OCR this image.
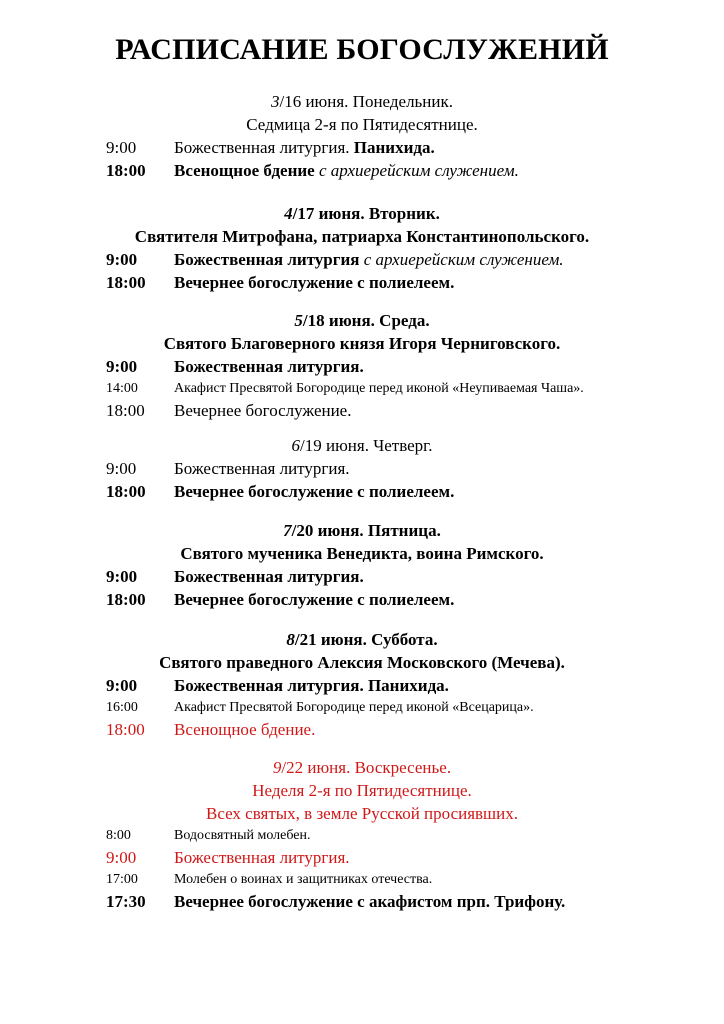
РАСПИСАНИЕ БОГОСЛУЖЕНИЙ
3/16 июня. Понедельник.
Седмица 2-я по Пятидесятнице.
9:00 Божественная литургия. Панихида.
18:00 Всенощное бдение с архиерейским служением.
4/17 июня. Вторник.
Святителя Митрофана, патриарха Константинопольского.
9:00 Божественная литургия с архиерейским служением.
18:00 Вечернее богослужение с полиелеем.
5/18 июня. Среда.
Святого Благоверного князя Игоря Черниговского.
9:00 Божественная литургия.
14:00	Акафист Пресвятой Богородице перед иконой «Неупиваемая Чаша».
18:00 Вечернее богослужение.
6/19 июня. Четверг.
9:00 Божественная литургия.
18:00 Вечернее богослужение с полиелеем.
7/20 июня. Пятница.
Святого мученика Венедикта, воина Римского.
9:00 Божественная литургия.
18:00 Вечернее богослужение с полиелеем.
8/21 июня. Суббота.
Святого праведного Алексия Московского (Мечева).
9:00 Божественная литургия. Панихида.
16:00	Акафист Пресвятой Богородице перед иконой «Всецарица».
18:00 Всенощное бдение.
9/22 июня. Воскресенье.
Неделя 2-я по Пятидесятнице.
Всех святых, в земле Русской просиявших.
8:00	Водосвятный молебен.
9:00 Божественная литургия.
17:00	Молебен о воинах и защитниках отечества.
17:30 Вечернее богослужение с акафистом прп. Трифону.
